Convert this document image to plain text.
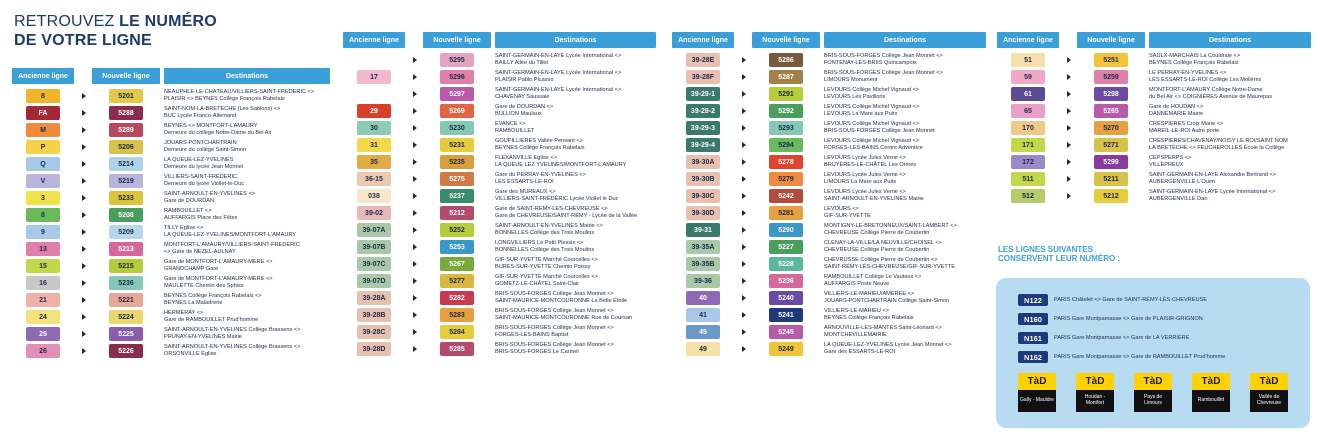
RETROUVEZ LE NUMÉRO
DE VOTRE LIGNE
Ancienne ligne	Nouvelle ligne	Destinations
8	5201
NEAUPHLE-LE-CHÂTEAU/VILLIERS-SAINT-FRÉDÉRIC <>
PLAISIR <> BEYNES Collège François Rabelais
FA	5288
SAINT-NOM-LA-BRETÈCHE (Les Sablons) <>
BUC Lycée Franco-Allemand
M	5289
BEYNES <> MONTFORT-L'AMAURY
Demeure du collège Notre-Dame du Bel Air
P	5206
JOUARS-PONTCHARTRAIN
Demeure du collège Saint-Simon
Q	5214
LA QUEUE-LEZ-YVELINES
Demeure du lycée Jean Monnet
V	5219
VILLIERS-SAINT-FRÉDÉRIC
Demeure du lycée Viollet-le-Duc
3	5233
SAINT-ARNOULT-EN-YVELINES <>
Gare de DOURDAN
8	5208
RAMBOUILLET <>
AUFFARGIS Place des Fêtes
9	5209
TILLY Église <>
LA QUEUE-LEZ-YVELINES/MONTFORT-L'AMAURY
13	5213
MONTFORT-L'AMAURY/VILLIERS-SAINT-FRÉDÉRIC
<> Gare de NEZEL-AULNAY
15	5215
Gare de MONTFORT-L'AMAURY-MÈRE <>
GRANDCHAMP Gare
16	5236
Gare de MONTFORT-L'AMAURY-MÈRE <>
MAULETTE Chemin des Sphiss
21	5221
BEYNES Collège François Rabelais <>
BEYNES La Maladrerie
24	5224
HERMERAY <>
Gare de RAMBOUILLET Prud'homme
25	5225
SAINT-ARNOULT-EN-YVELINES Collège Brassens <>
PRUNAY-EN-YVELINES Mairie
26	5226
SAINT-ARNOULT-EN-YVELINES Collège Brassens <>
ORSONVILLE Église
Ancienne ligne	Nouvelle ligne	Destinations
5295
SAINT-GERMAIN-EN-LAYE Lycée International <>
BAILLY Allée du Tillet
17	5296
SAINT-GERMAIN-EN-LAYE Lycée International <>
PLAISIR Pablo Picasso
5297
SAINT-GERMAIN-EN-LAYE Lycée International <>
CHAVENAY Saussaie
29	5269
Gare de DOURDAN <>
BULLION Maulaux
30	5230
ÉVANCE <>
RAMBOUILLET
31	5231
GOUPILLIÈRES Vallée Pensant <>
BEYNES Collège François Rabelais
35	5235
FLEXANVILLE Église <>
LA QUEUE LEZ YVELINES/MONTFORT-L'AMAURY
36-15	5275
Gare du PERRAY-EN-YVELINES <>
LES ESSARTS-LE-ROI
038	5237
Gare des MUREAUX <>
VILLIERS-SAINT-FRÉDÉRIC Lycée Viollet le Duc
39-02	5212
Gare de SAINT-RÉMY-LÈS-CHEVREUSE <>
Gare de CHEVREUSE/SAINT-RÉMY - Lycée de la Vallée
39-07A	5252
SAINT-ARNOULT-EN-YVELINES Mairie <>
BONNELLES Collège des Trois Moulins
39-07B	5253
LONGVILLIERS Le Petit Plessis <>
BONNELLES Collège des Trois Moulins
39-07C	5267
GIF-SUR-YVETTE Marché Courcelles <>
BURES-SUR-YVETTE Chemin Poissy
39-07D	5277
GIF-SUR-YVETTE Marché Courcelles <>
GOMETZ-LE-CHÂTEL Saint-Clair
39-28A	5282
BRIS-SOUS-FORGES Collège Jean Monnet <>
SAINT-MAURICE-MONTCOURONNE La Belle Étoile
39-28B	5283
BRIS-SOUS-FORGES Collège Jean Monnet <>
SAINT-MAURICE-MONTCOURONNE Rue de Coursan
39-28C	5284
BRIS-SOUS-FORGES Collège Jean Monnet <>
FORGES-LES-BAINS Baptist
39-28D	5285
BRIS-SOUS-FORGES Collège Jean Monnet <>
BRIS-SOUS-FORGES Le Carmel
Ancienne ligne	Nouvelle ligne	Destinations
39-28E	5286
BRIS-SOUS-FORGES Collège Jean Monnet <>
FONTENAY-LÈS-BRIIS Quincampoix
39-28F	5287
BRIS-SOUS-FORGES Collège Jean Monnet <>
LIMOURS Monument
39-29-1	5291
LEVOURS Collège Michel Vignaud <>
LEVOURS Les Pavillons
39-29-2	5292
LEVOURS Collège Michel Vignaud <>
LEVOURS La Mare aux Puits
39-29-3	5293
LEVOURS Collège Michel Vignaud <>
BRIS-SOUS-FORGES Collège Jean Monnet
39-29-4	5294
LEVOURS Collège Michel Vignaud <>
FORGES-LES-BAINS Centre Adventice
39-30A	5278
LEVOURS Lycée Jules Verne <>
BRUYÈRES-LE-CHÂTEL Les Ormes
39-30B	5279
LEVOURS Lycée Jules Verne <>
LIMOURS La Mare aux Puits
39-30C	5242
LEVOURS Lycée Jules Verne <>
SAINT-ARNOULT-EN-YVELINES Mairie
39-30D	5281
LEVOURS <>
GIF-SUR-YVETTE
39-31	5290
MONTIGNY-LE-BRETONNEUX/SAINT-LAMBERT <>
CHEVREUSE Collège Pierre de Coubertin
39-35A	5227
CLENAY-LA-VILLE/LA NEUVILLE/CHOISEL <>
CHEVREUSE Collège Pierre de Coubertin
39-35B	5228
CHEVRUSSE Collège Pierre de Coubertin <>
SAINT-RÉMY-LÈS-CHEVREUSE/GIF-SUR-YVETTE
39-36	5236
RAMBOUILLET Collège Le Vauteus <>
AUFFARGIS Poste Neuve
40	5240
VILLIERS-LE-MAHIEU/AMÉRÉE <>
JOUARS-PONTCHARTRAIN Collège Saint-Simon
41	5241
VILLIERS-LE-MAHIEU <>
BEYNES Collège François Rabelais
45	5245
ARNOUVILLE-LES-MANTES Saint-Léonard <>
MONTCHEVILLEMAIRIE
49	5249
LA QUEUE-LEZ-YVELINES Lycée Jean Monnet <>
Gare des ESSARTS-LE-ROI
Ancienne ligne	Nouvelle ligne	Destinations
51	5251
SAULX-MARCHAIS La Couldraie <>
BEYNES Collège François Rabelais
59	5259
LE PERRAY-EN-YVELINES <>
LES ESSARTS-LE-ROI Collège Les Molières
61	5298
MONTFORT-L'AMAURY Collège Notre-Dame
du Bel Air <> COIGNIÈRES Avenue de Maurepas
65	5265
Gare de HOUDAN <>
DANNEMARIE Mairie
170	5270
CRESPIÈRES Croix Marie <>
MAREIL-LE-ROI Autre porte
171	5271
CRESPIÈRES/CHAVENAY/NOISY LE ROI/SAINT NOM
LA BRETÈCHE <> FEUCHEROLLES École la Collège
172	5299
CEPSPERPS <>
VILLEPREUX
511	5211
SAINT-GERMAIN-EN-LAYE Alexandre Bertrand <>
AUBERGENVILLE L'Ouïm
512	5212
SAINT-GERMAIN-EN-LAYE Lycée International <>
AUBERGENVILLE Dan
LES LIGNES SUIVANTES
CONSERVENT LEUR NUMÉRO :
N122	PARIS Châtelet <> Gare de SAINT-RÉMY-LÈS-CHEVREUSE
N160	PARIS Gare Montparnasse <> Gare de PLAISIR-GRIGNON
N161	PARIS Gare Montparnasse <> Gare de LA VERRIÈRE
N162	PARIS Gare Montparnasse <> Gare de RAMBOUILLET Prud'homme
TàD
Gally - Mauldre
TàD
Houdan - Montfort
TàD
Pays de Limours
TàD
Rambouillet
TàD
Vallée de Chevreuse
